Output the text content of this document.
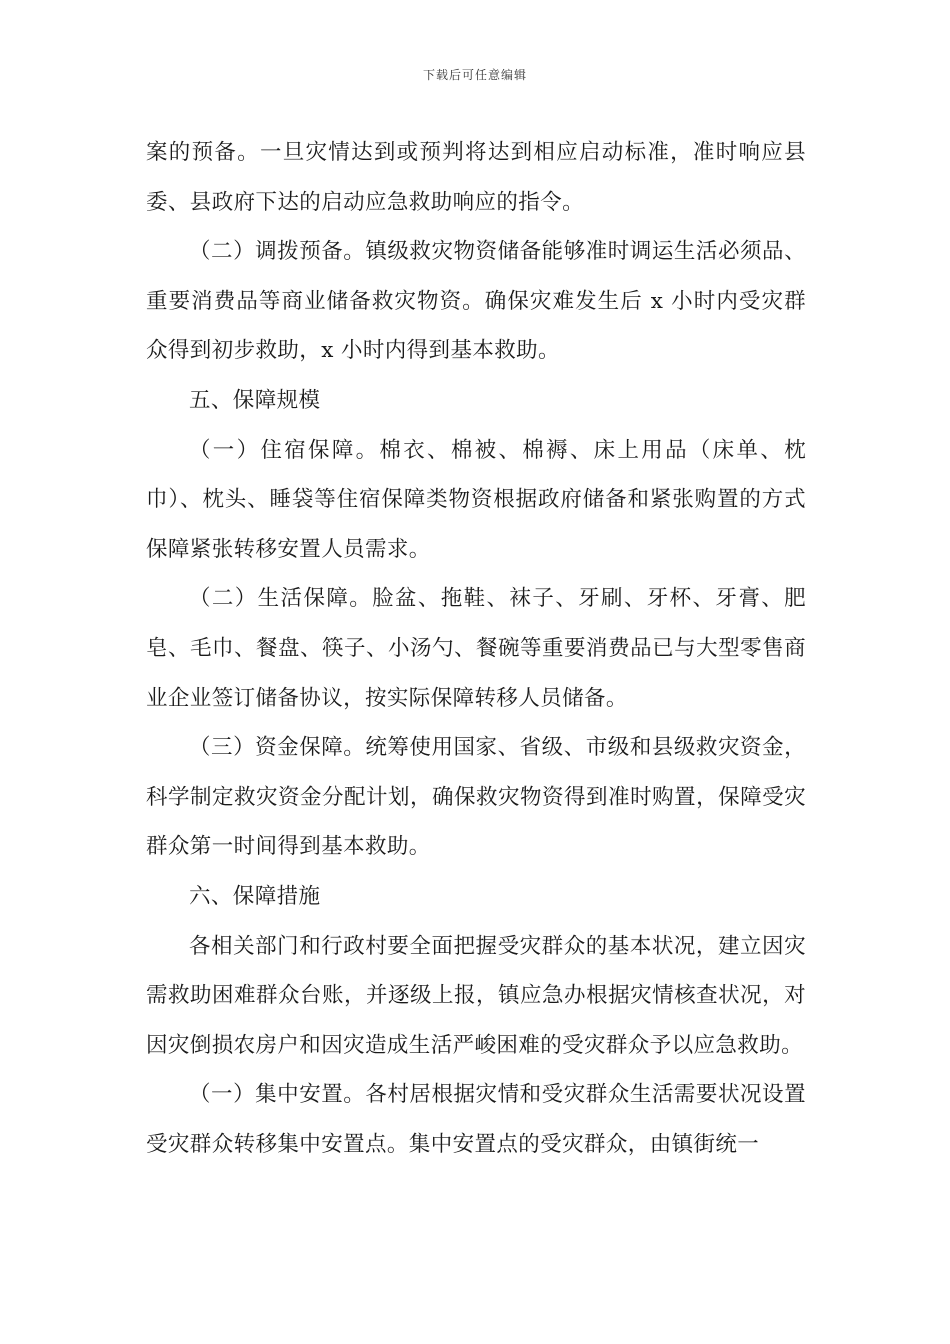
下载后可任意编辑

案的预备。一旦灾情达到或预判将达到相应启动标准，准时响应县委、县政府下达的启动应急救助响应的指令。

（二）调拨预备。镇级救灾物资储备能够准时调运生活必须品、重要消费品等商业储备救灾物资。确保灾难发生后 x 小时内受灾群众得到初步救助，x 小时内得到基本救助。

五、保障规模

（一）住宿保障。棉衣、棉被、棉褥、床上用品（床单、枕巾）、枕头、睡袋等住宿保障类物资根据政府储备和紧张购置的方式保障紧张转移安置人员需求。

（二）生活保障。脸盆、拖鞋、袜子、牙刷、牙杯、牙膏、肥皂、毛巾、餐盘、筷子、小汤勺、餐碗等重要消费品已与大型零售商业企业签订储备协议，按实际保障转移人员储备。

（三）资金保障。统筹使用国家、省级、市级和县级救灾资金，科学制定救灾资金分配计划，确保救灾物资得到准时购置，保障受灾群众第一时间得到基本救助。

六、保障措施

各相关部门和行政村要全面把握受灾群众的基本状况，建立因灾需救助困难群众台账，并逐级上报，镇应急办根据灾情核查状况，对因灾倒损农房户和因灾造成生活严峻困难的受灾群众予以应急救助。

（一）集中安置。各村居根据灾情和受灾群众生活需要状况设置受灾群众转移集中安置点。集中安置点的受灾群众，由镇街统一
